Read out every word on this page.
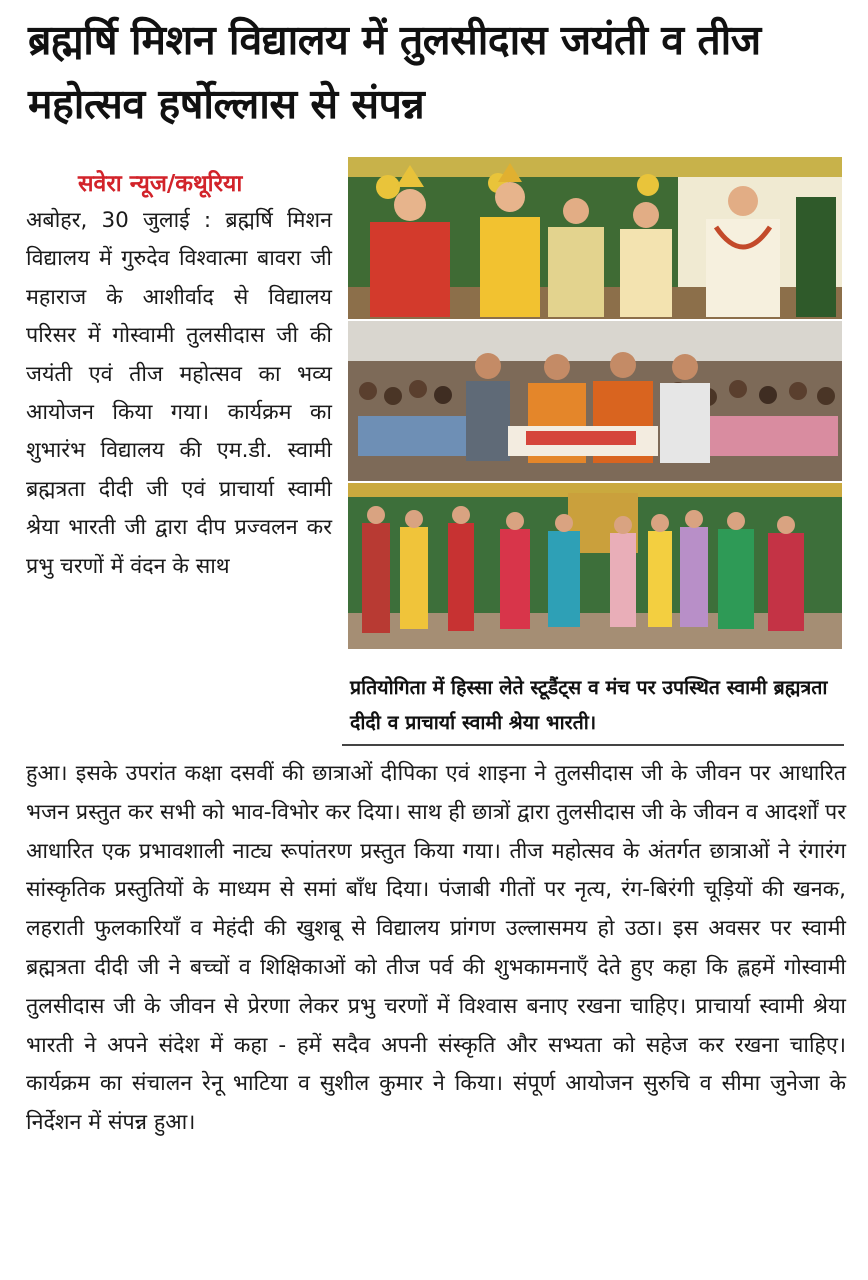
ब्रह्मर्षि मिशन विद्यालय में तुलसीदास जयंती व तीज महोत्सव हर्षोल्लास से संपन्न
सवेरा न्यूज/कथूरिया

अबोहर, 30 जुलाई : ब्रह्मर्षि मिशन विद्यालय में गुरुदेव विश्वात्मा बावरा जी महाराज के आशीर्वाद से विद्यालय परिसर में गोस्वामी तुलसीदास जी की जयंती एवं तीज महोत्सव का भव्य आयोजन किया गया। कार्यक्रम का शुभारंभ विद्यालय की एम.डी. स्वामी ब्रह्मत्रता दीदी जी एवं प्राचार्या स्वामी श्रेया भारती जी द्वारा दीप प्रज्वलन कर प्रभु चरणों में वंदन के साथ

प्रतियोगिता में हिस्सा लेते स्टूडैंट्स व मंच पर उपस्थित स्वामी ब्रह्मत्रता दीदी व प्राचार्या स्वामी श्रेया भारती।

हुआ। इसके उपरांत कक्षा दसवीं की छात्राओं दीपिका एवं शाइना ने तुलसीदास जी के जीवन पर आधारित भजन प्रस्तुत कर सभी को भाव-विभोर कर दिया। साथ ही छात्रों द्वारा तुलसीदास जी के जीवन व आदर्शों पर आधारित एक प्रभावशाली नाट्य रूपांतरण प्रस्तुत किया गया। तीज महोत्सव के अंतर्गत छात्राओं ने रंगारंग सांस्कृतिक प्रस्तुतियों के माध्यम से समां बाँध दिया। पंजाबी गीतों पर नृत्य, रंग-बिरंगी चूड़ियों की खनक, लहराती फुलकारियाँ व मेहंदी की खुशबू से विद्यालय प्रांगण उल्लासमय हो उठा। इस अवसर पर स्वामी ब्रह्मत्रता दीदी जी ने बच्चों व शिक्षिकाओं को तीज पर्व की शुभकामनाएँ देते हुए कहा कि ह्लहमें गोस्वामी तुलसीदास जी के जीवन से प्रेरणा लेकर प्रभु चरणों में विश्वास बनाए रखना चाहिए। प्राचार्या स्वामी श्रेया भारती ने अपने संदेश में कहा - हमें सदैव अपनी संस्कृति और सभ्यता को सहेज कर रखना चाहिए। कार्यक्रम का संचालन रेनू भाटिया व सुशील कुमार ने किया। संपूर्ण आयोजन सुरुचि व सीमा जुनेजा के निर्देशन में संपन्न हुआ।
